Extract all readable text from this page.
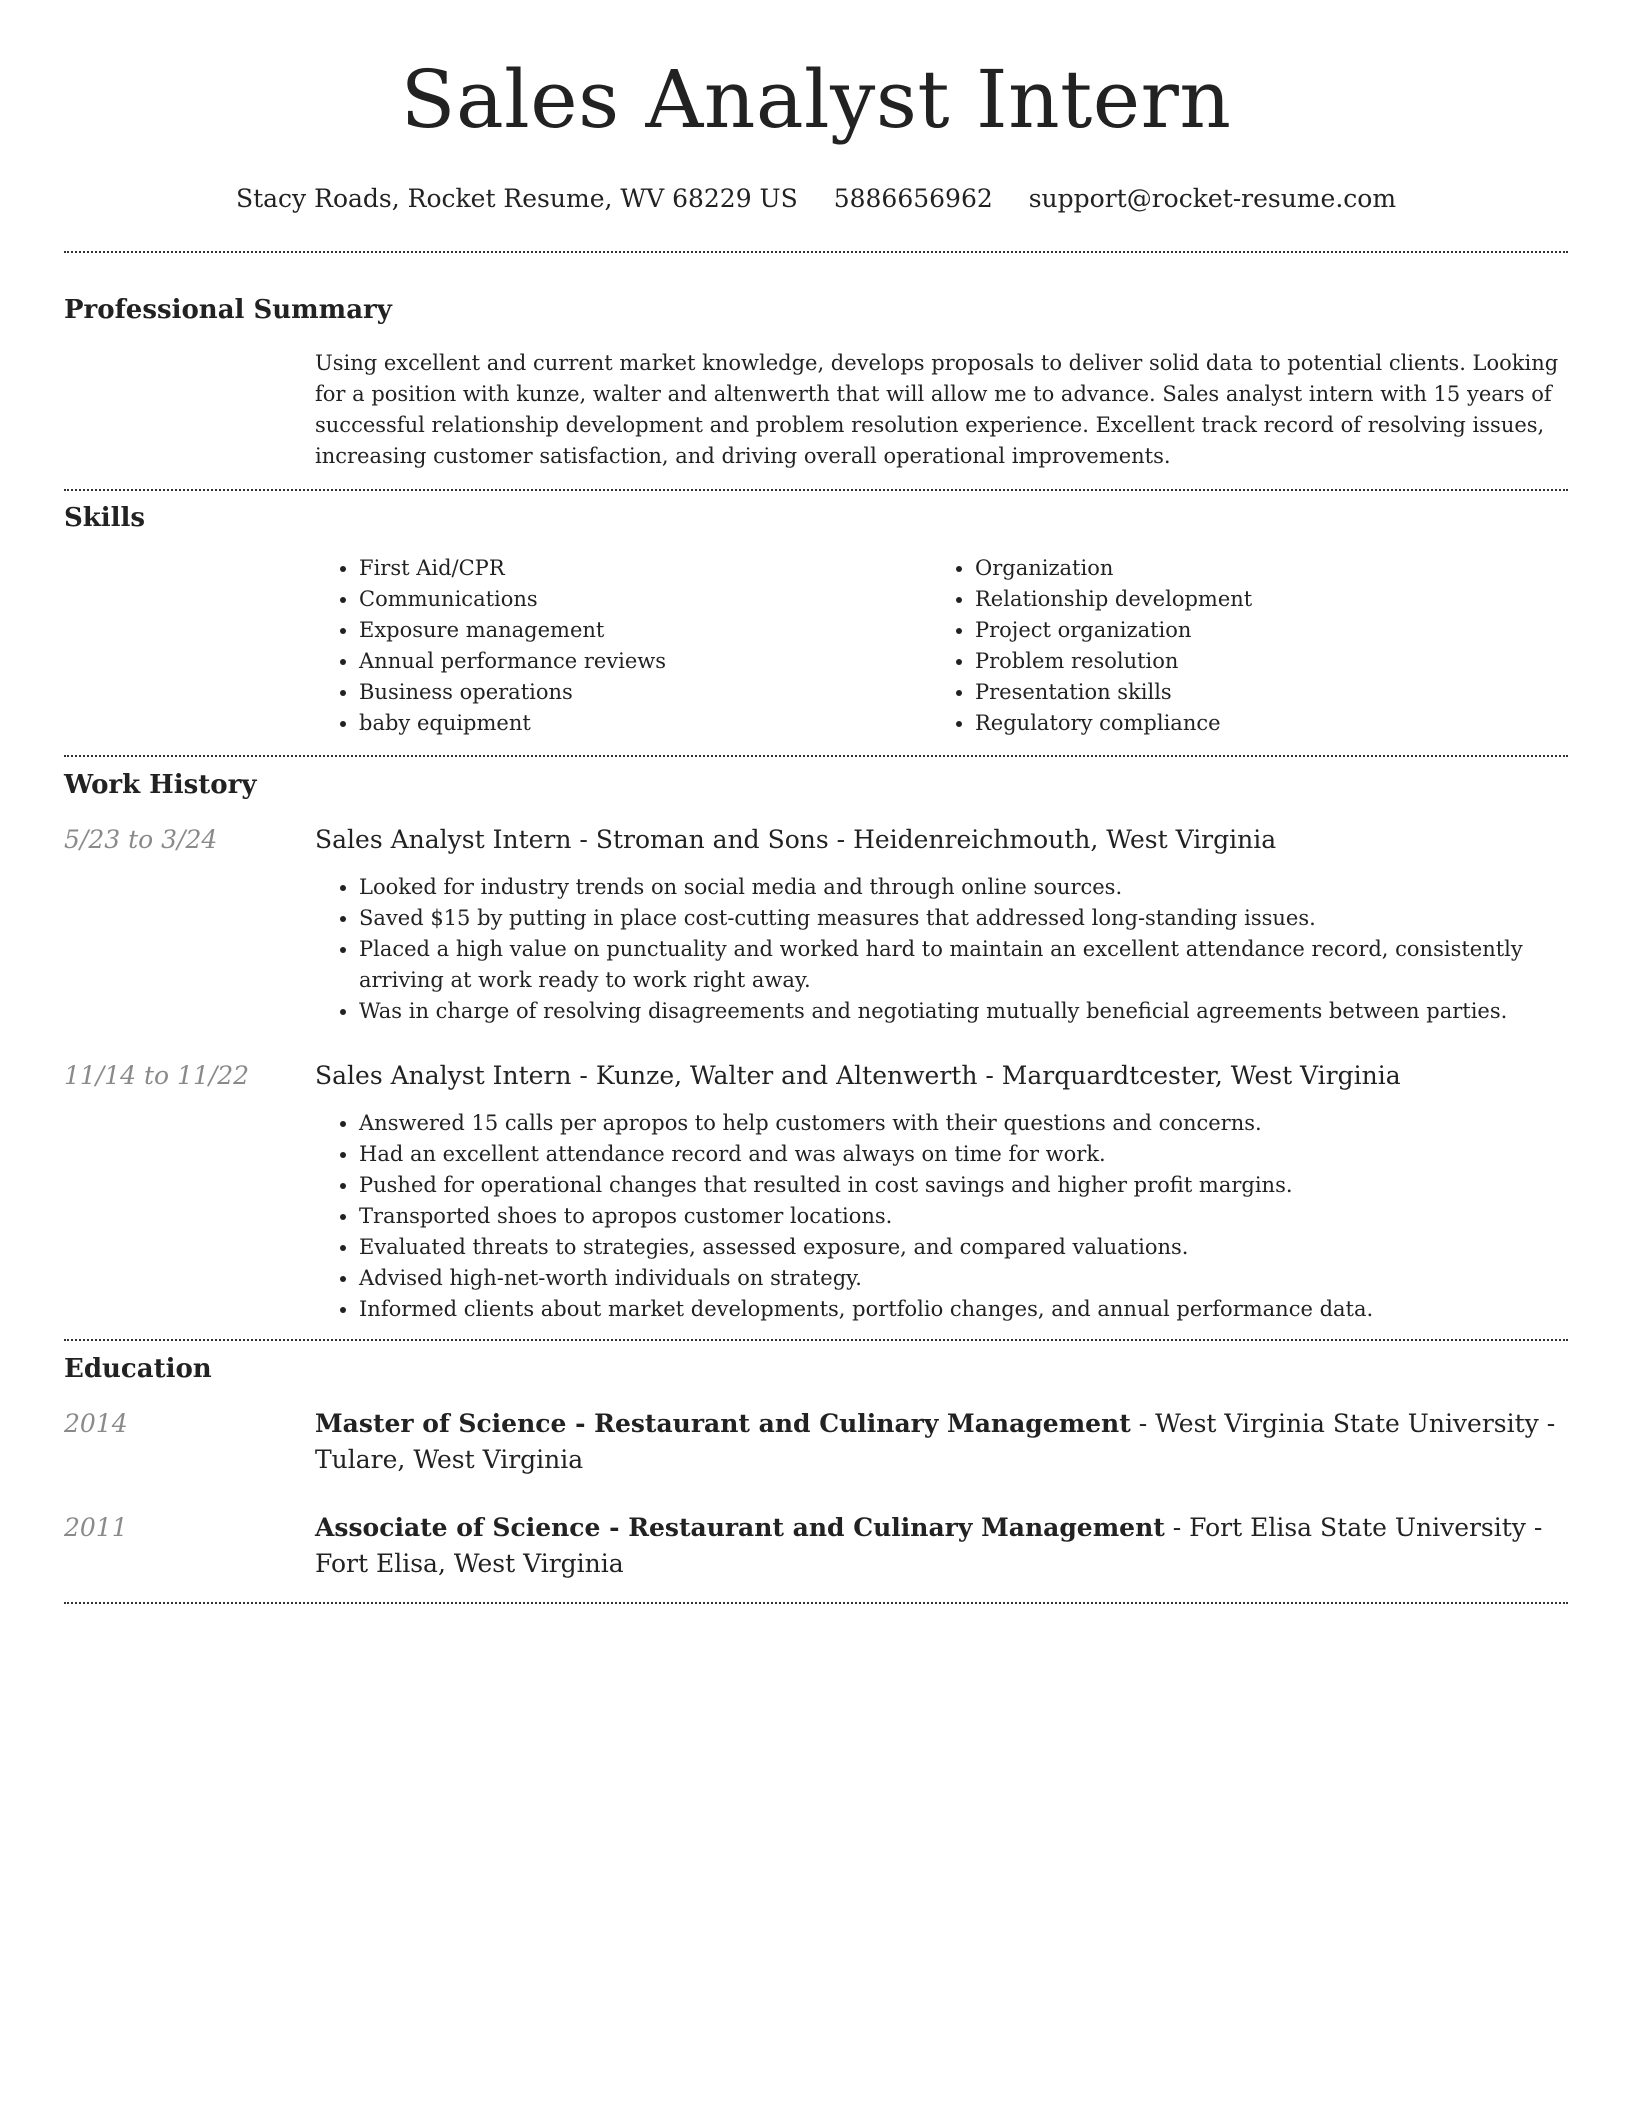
Sales Analyst Intern
Stacy Roads, Rocket Resume, WV 68229 US 5886656962 support@rocket-resume.com
Professional Summary

Using excellent and current market knowledge, develops proposals to deliver solid data to potential clients. Looking for a position with kunze, walter and altenwerth that will allow me to advance. Sales analyst intern with 15 years of successful relationship development and problem resolution experience. Excellent track record of resolving issues, increasing customer satisfaction, and driving overall operational improvements.

Skills
• First Aid/CPR
• Communications
• Exposure management
• Annual performance reviews
• Business operations
• baby equipment
• Organization
• Relationship development
• Project organization
• Problem resolution
• Presentation skills
• Regulatory compliance
Work History
5/23 to 3/24	Sales Analyst Intern - Stroman and Sons - Heidenreichmouth, West Virginia
• Looked for industry trends on social media and through online sources.
• Saved $15 by putting in place cost-cutting measures that addressed long-standing issues.
• Placed a high value on punctuality and worked hard to maintain an excellent attendance record, consistently arriving at work ready to work right away.
• Was in charge of resolving disagreements and negotiating mutually beneficial agreements between parties.
11/14 to 11/22	Sales Analyst Intern - Kunze, Walter and Altenwerth - Marquardtcester, West Virginia
• Answered 15 calls per apropos to help customers with their questions and concerns.
• Had an excellent attendance record and was always on time for work.
• Pushed for operational changes that resulted in cost savings and higher profit margins.
• Transported shoes to apropos customer locations.
• Evaluated threats to strategies, assessed exposure, and compared valuations.
• Advised high-net-worth individuals on strategy.
• Informed clients about market developments, portfolio changes, and annual performance data.
Education
2014	Master of Science - Restaurant and Culinary Management - West Virginia State University - Tulare, West Virginia
2011	Associate of Science - Restaurant and Culinary Management - Fort Elisa State University - Fort Elisa, West Virginia
